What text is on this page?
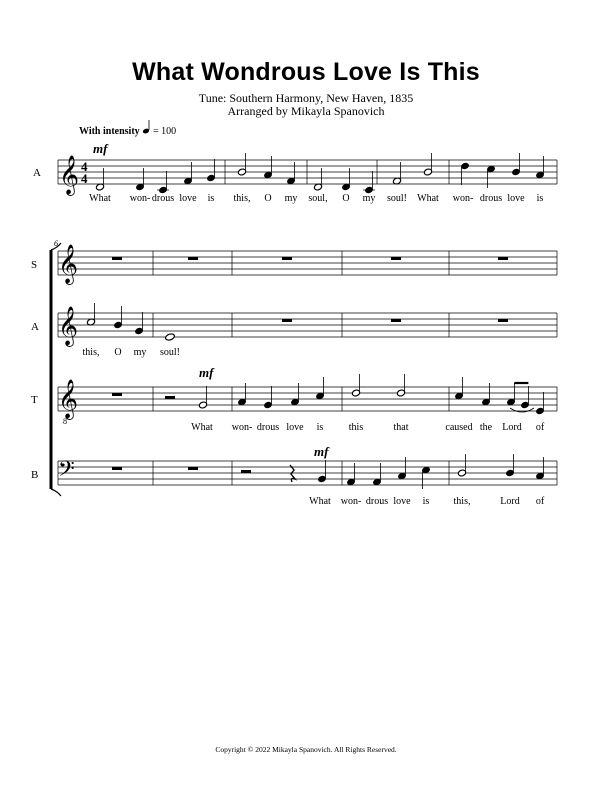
What Wondrous Love Is This
Tune: Southern Harmony, New Haven, 1835
Arranged by Mikayla Spanovich
With intensity = 100
A 𝄞 4
4
mf
What won- drous love is this, O my soul, O my soul! What won- drous love is
6
S
A
T
B
𝄞
𝄞
𝄞
8
𝄢
mf
mf
this, O my soul!
What won- drous love is	this	that	caused the Lord of
What won- drous love is this,	Lord of
Copyright © 2022 Mikayla Spanovich. All Rights Reserved.
